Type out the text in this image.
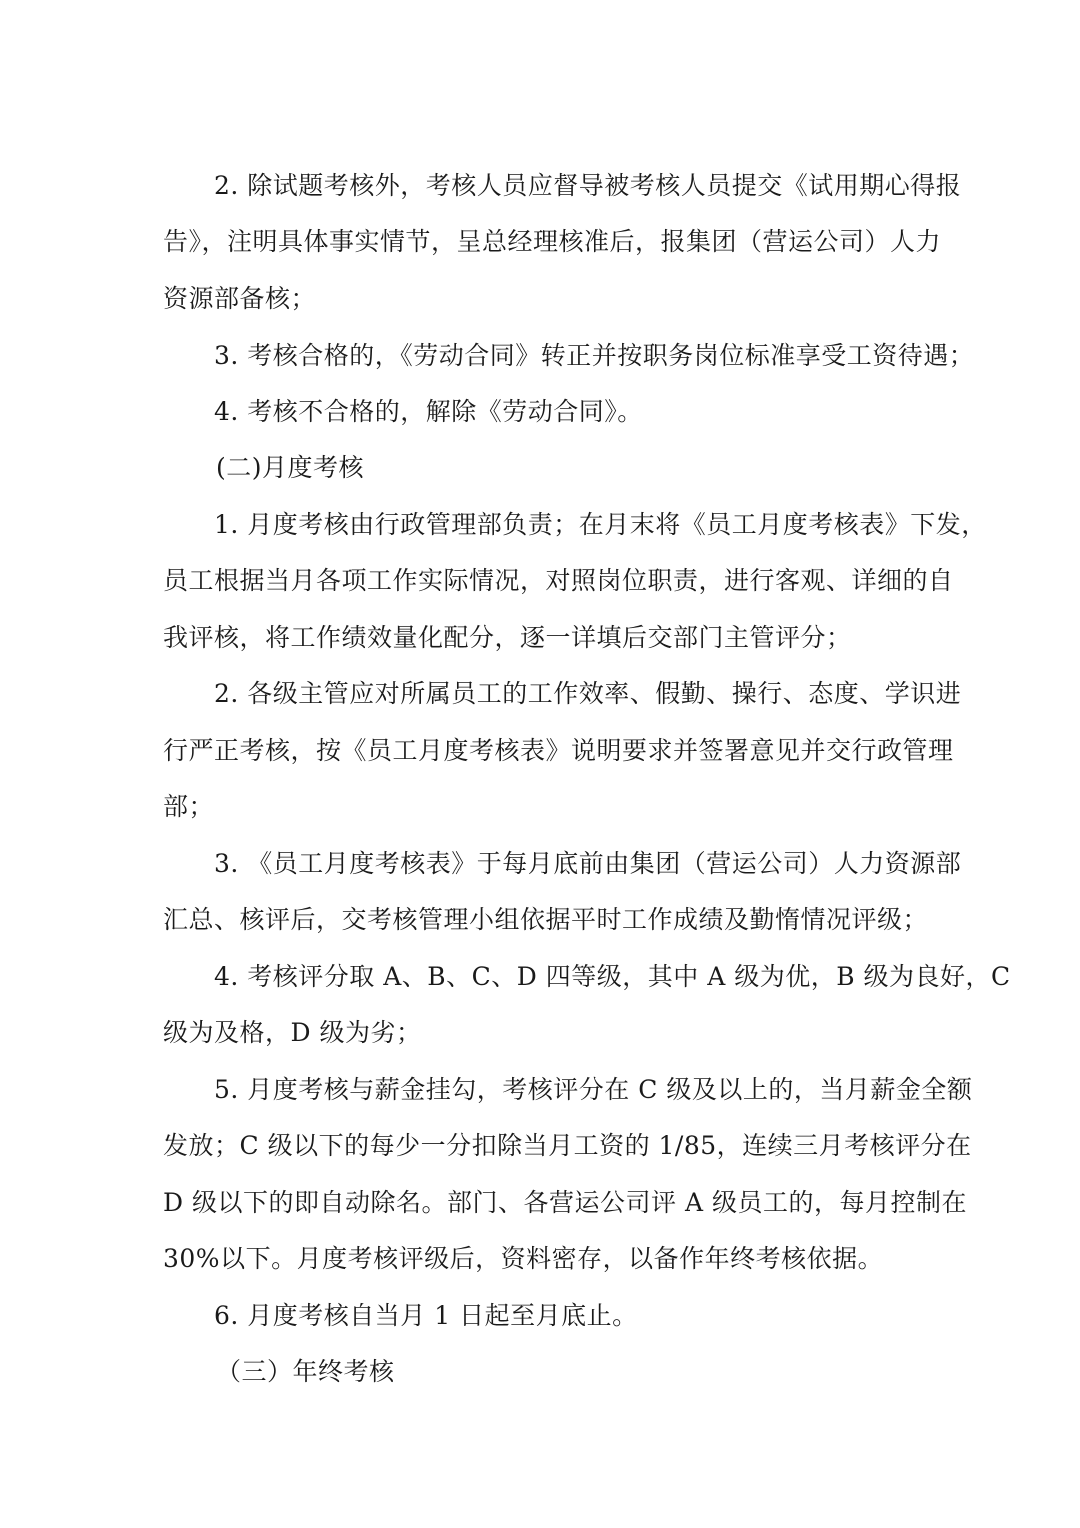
2. 除试题考核外，考核人员应督导被考核人员提交《试用期心得报
告》，注明具体事实情节，呈总经理核准后，报集团（营运公司）人力
资源部备核；
3. 考核合格的，《劳动合同》转正并按职务岗位标准享受工资待遇；
4. 考核不合格的，解除《劳动合同》。
(二)月度考核
1. 月度考核由行政管理部负责；在月末将《员工月度考核表》下发，
员工根据当月各项工作实际情况，对照岗位职责，进行客观、详细的自
我评核，将工作绩效量化配分，逐一详填后交部门主管评分；
2. 各级主管应对所属员工的工作效率、假勤、操行、态度、学识进
行严正考核，按《员工月度考核表》说明要求并签署意见并交行政管理
部；
3. 《员工月度考核表》于每月底前由集团（营运公司）人力资源部
汇总、核评后，交考核管理小组依据平时工作成绩及勤惰情况评级；
4. 考核评分取 A、B、C、D 四等级，其中 A 级为优，B 级为良好，C
级为及格，D 级为劣；
5. 月度考核与薪金挂勾，考核评分在 C 级及以上的，当月薪金全额
发放；C 级以下的每少一分扣除当月工资的 1/85，连续三月考核评分在
D 级以下的即自动除名。部门、各营运公司评 A 级员工的，每月控制在
30%以下。月度考核评级后，资料密存，以备作年终考核依据。
6. 月度考核自当月 1 日起至月底止。
（三）年终考核
